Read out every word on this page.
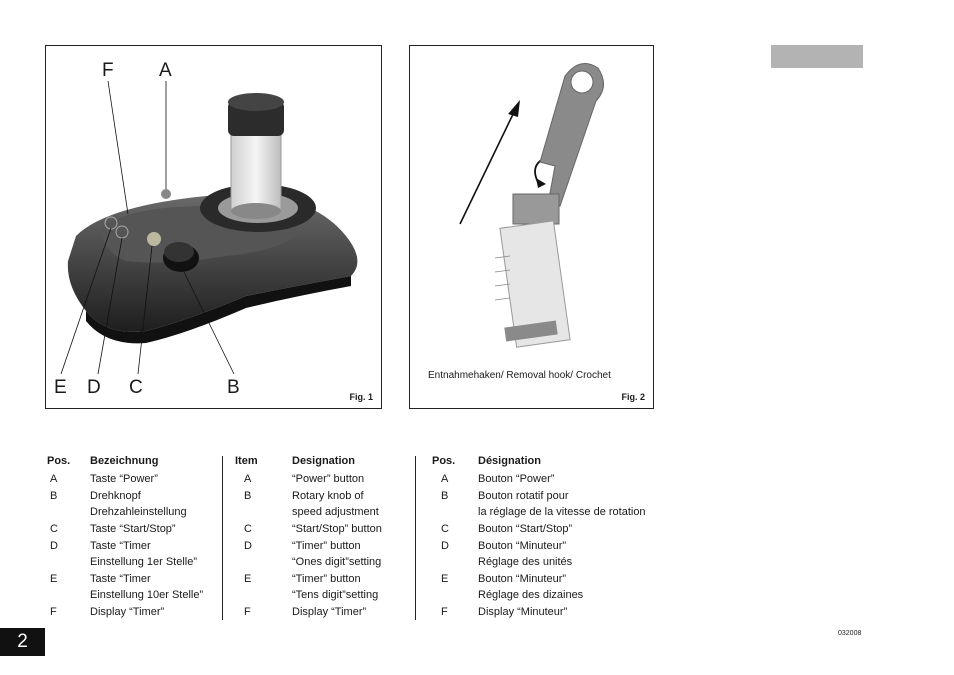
F A
E D C	B	Fig. 1
Entnahmehaken/ Removal hook/ Crochet
Fig. 2
Pos. Bezeichnung
A	Taste “Power”
B	Drehknopf
Drehzahleinstellung
C	Taste “Start/Stop”
D	Taste “Timer
Einstellung 1er Stelle”
E	Taste “Timer
Einstellung 10er Stelle”
F	Display “Timer”
Item	Designation
A	“Power” button
B	Rotary knob of
speed adjustment
C	“Start/Stop” button
D	“Timer” button
“Ones digit”setting
E	“Timer” button
“Tens digit”setting
F	Display “Timer”
Pos. Désignation
A	Bouton “Power”
B	Bouton rotatif pour
la réglage de la vitesse de rotation
C	Bouton “Start/Stop”
D	Bouton “Minuteur”
Réglage des unités
E	Bouton “Minuteur”
Réglage des dizaines
F	Display “Minuteur”
2	032008
